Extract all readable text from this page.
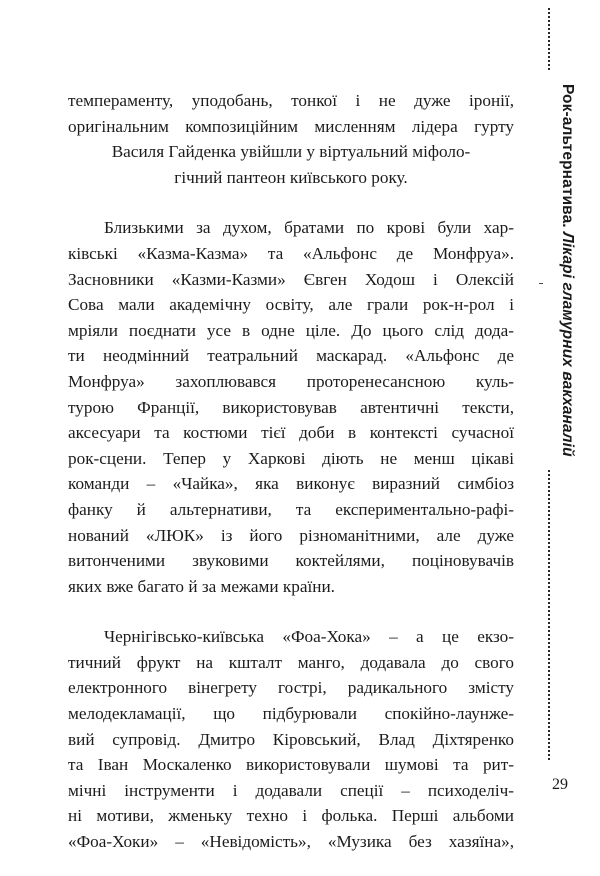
темпераменту, уподобань, тонкої і не дуже іронії,
оригінальним композиційним мисленням лідера гурту
Василя Гайденка увійшли у віртуальний міфоло-
гічний пантеон київського року.

Близькими за духом, братами по крові були хар-
ківські «Казма-Казма» та «Альфонс де Монфруа».
Засновники «Казми-Казми» Євген Ходош і Олексій
Сова мали академічну освіту, але грали рок-н-рол і
мріяли поєднати усе в одне ціле. До цього слід дода-
ти неодмінний театральний маскарад. «Альфонс де
Монфруа» захоплювався проторенесансною куль-
турою Франції, використовував автентичні тексти,
аксесуари та костюми тієї доби в контексті сучасної
рок-сцени. Тепер у Харкові діють не менш цікаві
команди – «Чайка», яка виконує виразний симбіоз
фанку й альтернативи, та експериментально-рафі-
нований «ЛЮК» із його різноманітними, але дуже
витонченими звуковими коктейлями, поціновувачів
яких вже багато й за межами країни.

Чернігівсько-київська «Фоа-Хока» – а це екзо-
тичний фрукт на кшталт манго, додавала до свого
електронного вінегрету гострі, радикального змісту
мелодекламації, що підбурювали спокійно-лаунже-
вий супровід. Дмитро Кіровський, Влад Діхтяренко
та Іван Москаленко використовували шумові та рит-
мічні інструменти і додавали спеції – психоделіч-
ні мотиви, жменьку техно і фолька. Перші альбоми
«Фоа-Хоки» – «Невідомість», «Музика без хазяїна»,

Рок-альтернатива. Лікарі гламурних вакханалій
29
